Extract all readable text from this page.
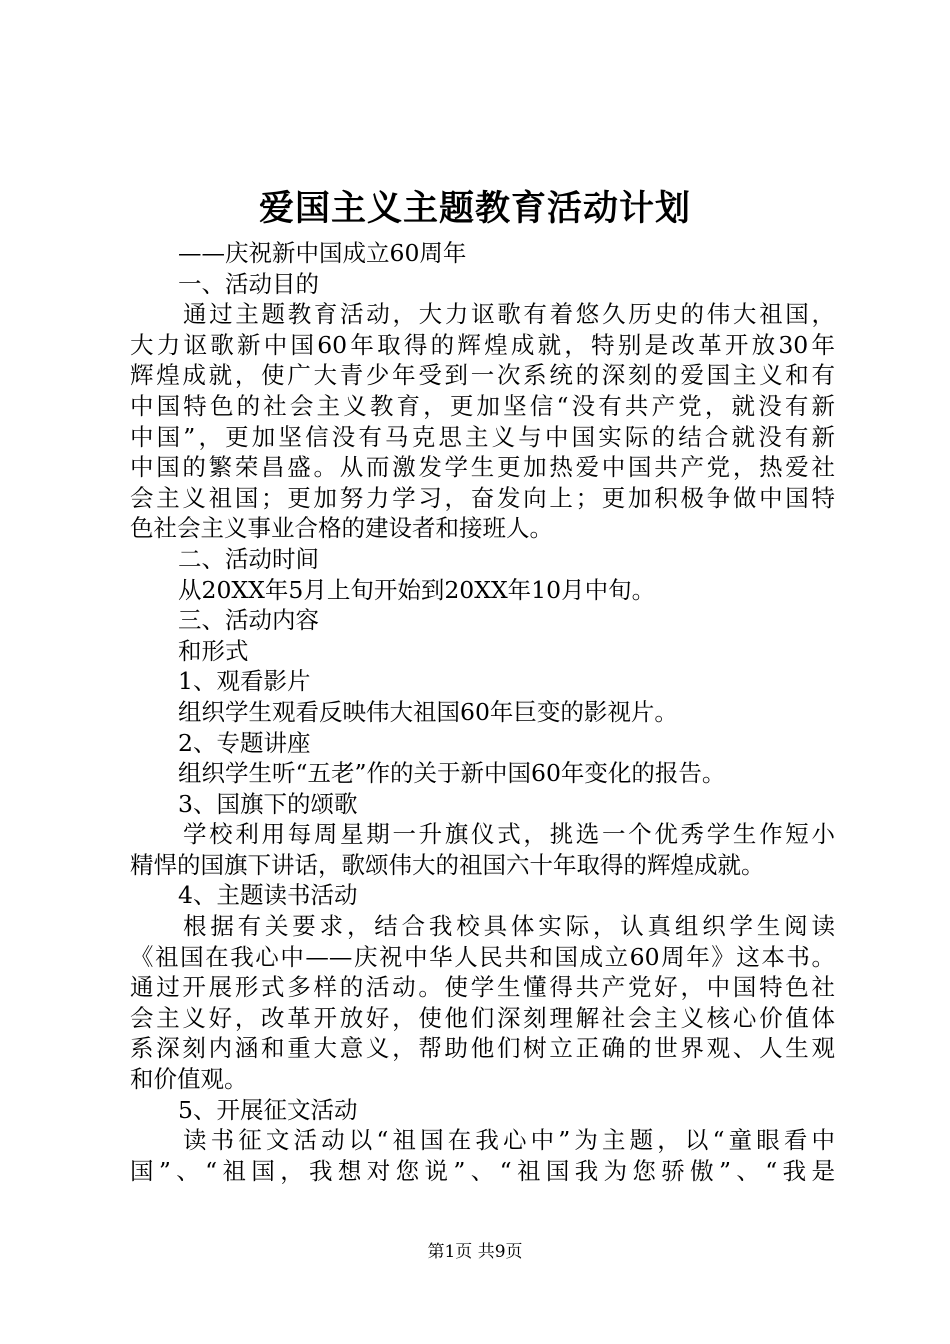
爱国主义主题教育活动计划
——庆祝新中国成立60周年
一、活动目的
通过主题教育活动，大力讴歌有着悠久历史的伟大祖国，
大力讴歌新中国60年取得的辉煌成就，特别是改革开放30年
辉煌成就，使广大青少年受到一次系统的深刻的爱国主义和有
中国特色的社会主义教育，更加坚信“没有共产党，就没有新
中国”，更加坚信没有马克思主义与中国实际的结合就没有新
中国的繁荣昌盛。从而激发学生更加热爱中国共产党，热爱社
会主义祖国；更加努力学习，奋发向上；更加积极争做中国特
色社会主义事业合格的建设者和接班人。
二、活动时间
从20XX年5月上旬开始到20XX年10月中旬。
三、活动内容
和形式
1、观看影片
组织学生观看反映伟大祖国60年巨变的影视片。
2、专题讲座
组织学生听“五老”作的关于新中国60年变化的报告。
3、国旗下的颂歌
学校利用每周星期一升旗仪式，挑选一个优秀学生作短小
精悍的国旗下讲话，歌颂伟大的祖国六十年取得的辉煌成就。
4、主题读书活动
根据有关要求，结合我校具体实际，认真组织学生阅读
《祖国在我心中——庆祝中华人民共和国成立60周年》这本书。
通过开展形式多样的活动。使学生懂得共产党好，中国特色社
会主义好，改革开放好，使他们深刻理解社会主义核心价值体
系深刻内涵和重大意义，帮助他们树立正确的世界观、人生观
和价值观。
5、开展征文活动
读书征文活动以“祖国在我心中”为主题，以“童眼看中
国”、“祖国，我想对您说”、“祖国我为您骄傲”、“我是
第1页 共9页
